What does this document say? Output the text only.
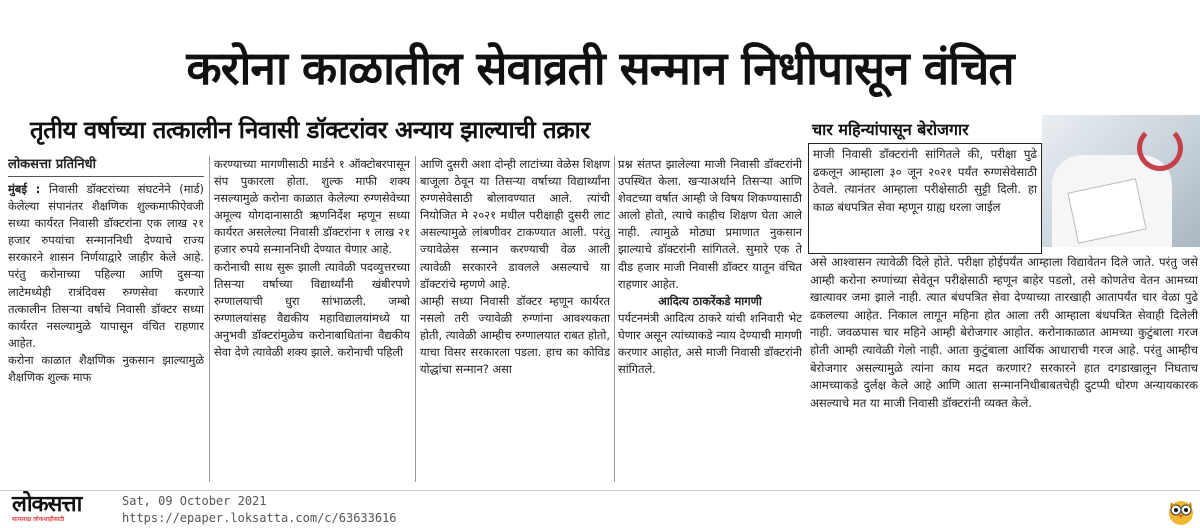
करोना काळातील सेवाव्रती सन्मान निधीपासून वंचित
तृतीय वर्षाच्या तत्कालीन निवासी डॉक्टरांवर अन्याय झाल्याची तक्रार	चार महिन्यांपासून बेरोजगार
लोकसत्ता प्रतिनिधी

मुंबई : निवासी डॉक्टरांच्या संघटनेने (मार्ड) केलेल्या संपानंतर शैक्षणिक शुल्कमाफीऐवजी सध्या कार्यरत निवासी डॉक्टरांना एक लाख २१ हजार रुपयांचा सन्माननिधी देण्याचे राज्य सरकारने शासन निर्णयाद्वारे जाहीर केले आहे. परंतु करोनाच्या पहिल्या आणि दुसऱ्या लाटेमध्येही रात्रंदिवस रुग्णसेवा करणारे तत्कालीन तिसऱ्या वर्षाचे निवासी डॉक्टर सध्या कार्यरत नसल्यामुळे यापासून वंचित राहणार आहेत.

करोना काळात शैक्षणिक नुकसान झाल्यामुळे शैक्षणिक शुल्क माफ

करण्याच्या मागणीसाठी मार्डने १ ऑक्टोबरपासून संप पुकारला होता. शुल्क माफी शक्य नसल्यामुळे करोना काळात केलेल्या रुग्णसेवेच्या अमूल्य योगदानासाठी ऋणनिर्देश म्हणून सध्या कार्यरत असलेल्या निवासी डॉक्टरांना १ लाख २१ हजार रुपये सन्माननिधी देण्यात येणार आहे.

करोनाची साथ सुरू झाली त्यावेळी पदव्युत्तरच्या तिसऱ्या वर्षाच्या विद्यार्थ्यांनी खंबीरपणे रुग्णालयाची धुरा सांभाळली. जम्बो रुग्णालयांसह वैद्यकीय महाविद्यालयांमध्ये या अनुभवी डॉक्टरांमुळेच करोनाबाधितांना वैद्यकीय सेवा देणे त्यावेळी शक्य झाले. करोनाची पहिली

आणि दुसरी अशा दोन्ही लाटांच्या वेळेस शिक्षण बाजूला ठेवून या तिसऱ्या वर्षाच्या विद्यार्थ्यांना रुग्णसेवेसाठी बोलावण्यात आले. त्यांची नियोजित मे २०२१ मधील परीक्षाही दुसरी लाट असल्यामुळे लांबणीवर टाकण्यात आली. परंतु ज्यावेळेस सन्मान करण्याची वेळ आली त्यावेळी सरकारने डावलले असल्याचे या डॉक्टरांचे म्हणणे आहे.

आम्ही सध्या निवासी डॉक्टर म्हणून कार्यरत नसलो तरी ज्यावेळी रुग्णांना आवश्यकता होती, त्यावेळी आम्हीच रुग्णालयात राबत होतो, याचा विसर सरकारला पडला. हाच का कोविड योद्धांचा सन्मान? असा

प्रश्न संतप्त झालेल्या माजी निवासी डॉक्टरांनी उपस्थित केला. खऱ्याअर्थाने तिसऱ्या आणि शेवटच्या वर्षात आम्ही जे विषय शिकण्यासाठी आलो होतो, त्याचे काहीच शिक्षण घेता आले नाही. त्यामुळे मोठ्या प्रमाणात नुकसान झाल्याचे डॉक्टरांनी सांगितले. सुमारे एक ते दीड हजार माजी निवासी डॉक्टर यातून वंचित राहणार आहेत.

आदित्य ठाकरेंकडे मागणी

पर्यटनमंत्री आदित्य ठाकरे यांची शनिवारी भेट घेणार असून त्यांच्याकडे न्याय देण्याची मागणी करणार आहोत, असे माजी निवासी डॉक्टरांनी सांगितले.

माजी निवासी डॉक्टरांनी सांगितले की, परीक्षा पुढे ढकलून आम्हाला ३० जून २०२१ पर्यंत रुग्णसेवेसाठी ठेवले. त्यानंतर आम्हाला परीक्षेसाठी सुट्टी दिली. हा काळ बंधपत्रित सेवा म्हणून ग्राह्य धरला जाईल

असे आश्वासन त्यावेळी दिले होते. परीक्षा होईपर्यंत आम्हाला विद्यावेतन दिले जाते. परंतु जसे आम्ही करोना रुग्णांच्या सेवेतून परीक्षेसाठी म्हणून बाहेर पडलो, तसे कोणतेच वेतन आमच्या खात्यावर जमा झाले नाही. त्यात बंधपत्रित सेवा देण्याच्या तारखाही आतापर्यंत चार वेळा पुढे ढकलल्या आहेत. निकाल लागून महिना होत आला तरी आम्हाला बंधपत्रित सेवाही दिलेली नाही. जवळपास चार महिने आम्ही बेरोजगार आहोत. करोनाकाळात आमच्या कुटुंबाला गरज होती आम्ही त्यावेळी गेलो नाही. आता कुटुंबाला आर्थिक आधाराची गरज आहे. परंतु आम्हीच बेरोजगार असल्यामुळे त्यांना काय मदत करणार? सरकारने हात दगडाखालून निघताच आमच्याकडे दुर्लक्ष केले आहे आणि आता सन्माननिधीबाबतचेही दुटप्पी धोरण अन्यायकारक असल्याचे मत या माजी निवासी डॉक्टरांनी व्यक्त केले.

लोकसत्ता
सत्यसाक्ष लोकशाहीसाठी
Sat, 09 October 2021
https://epaper.loksatta.com/c/63633616
